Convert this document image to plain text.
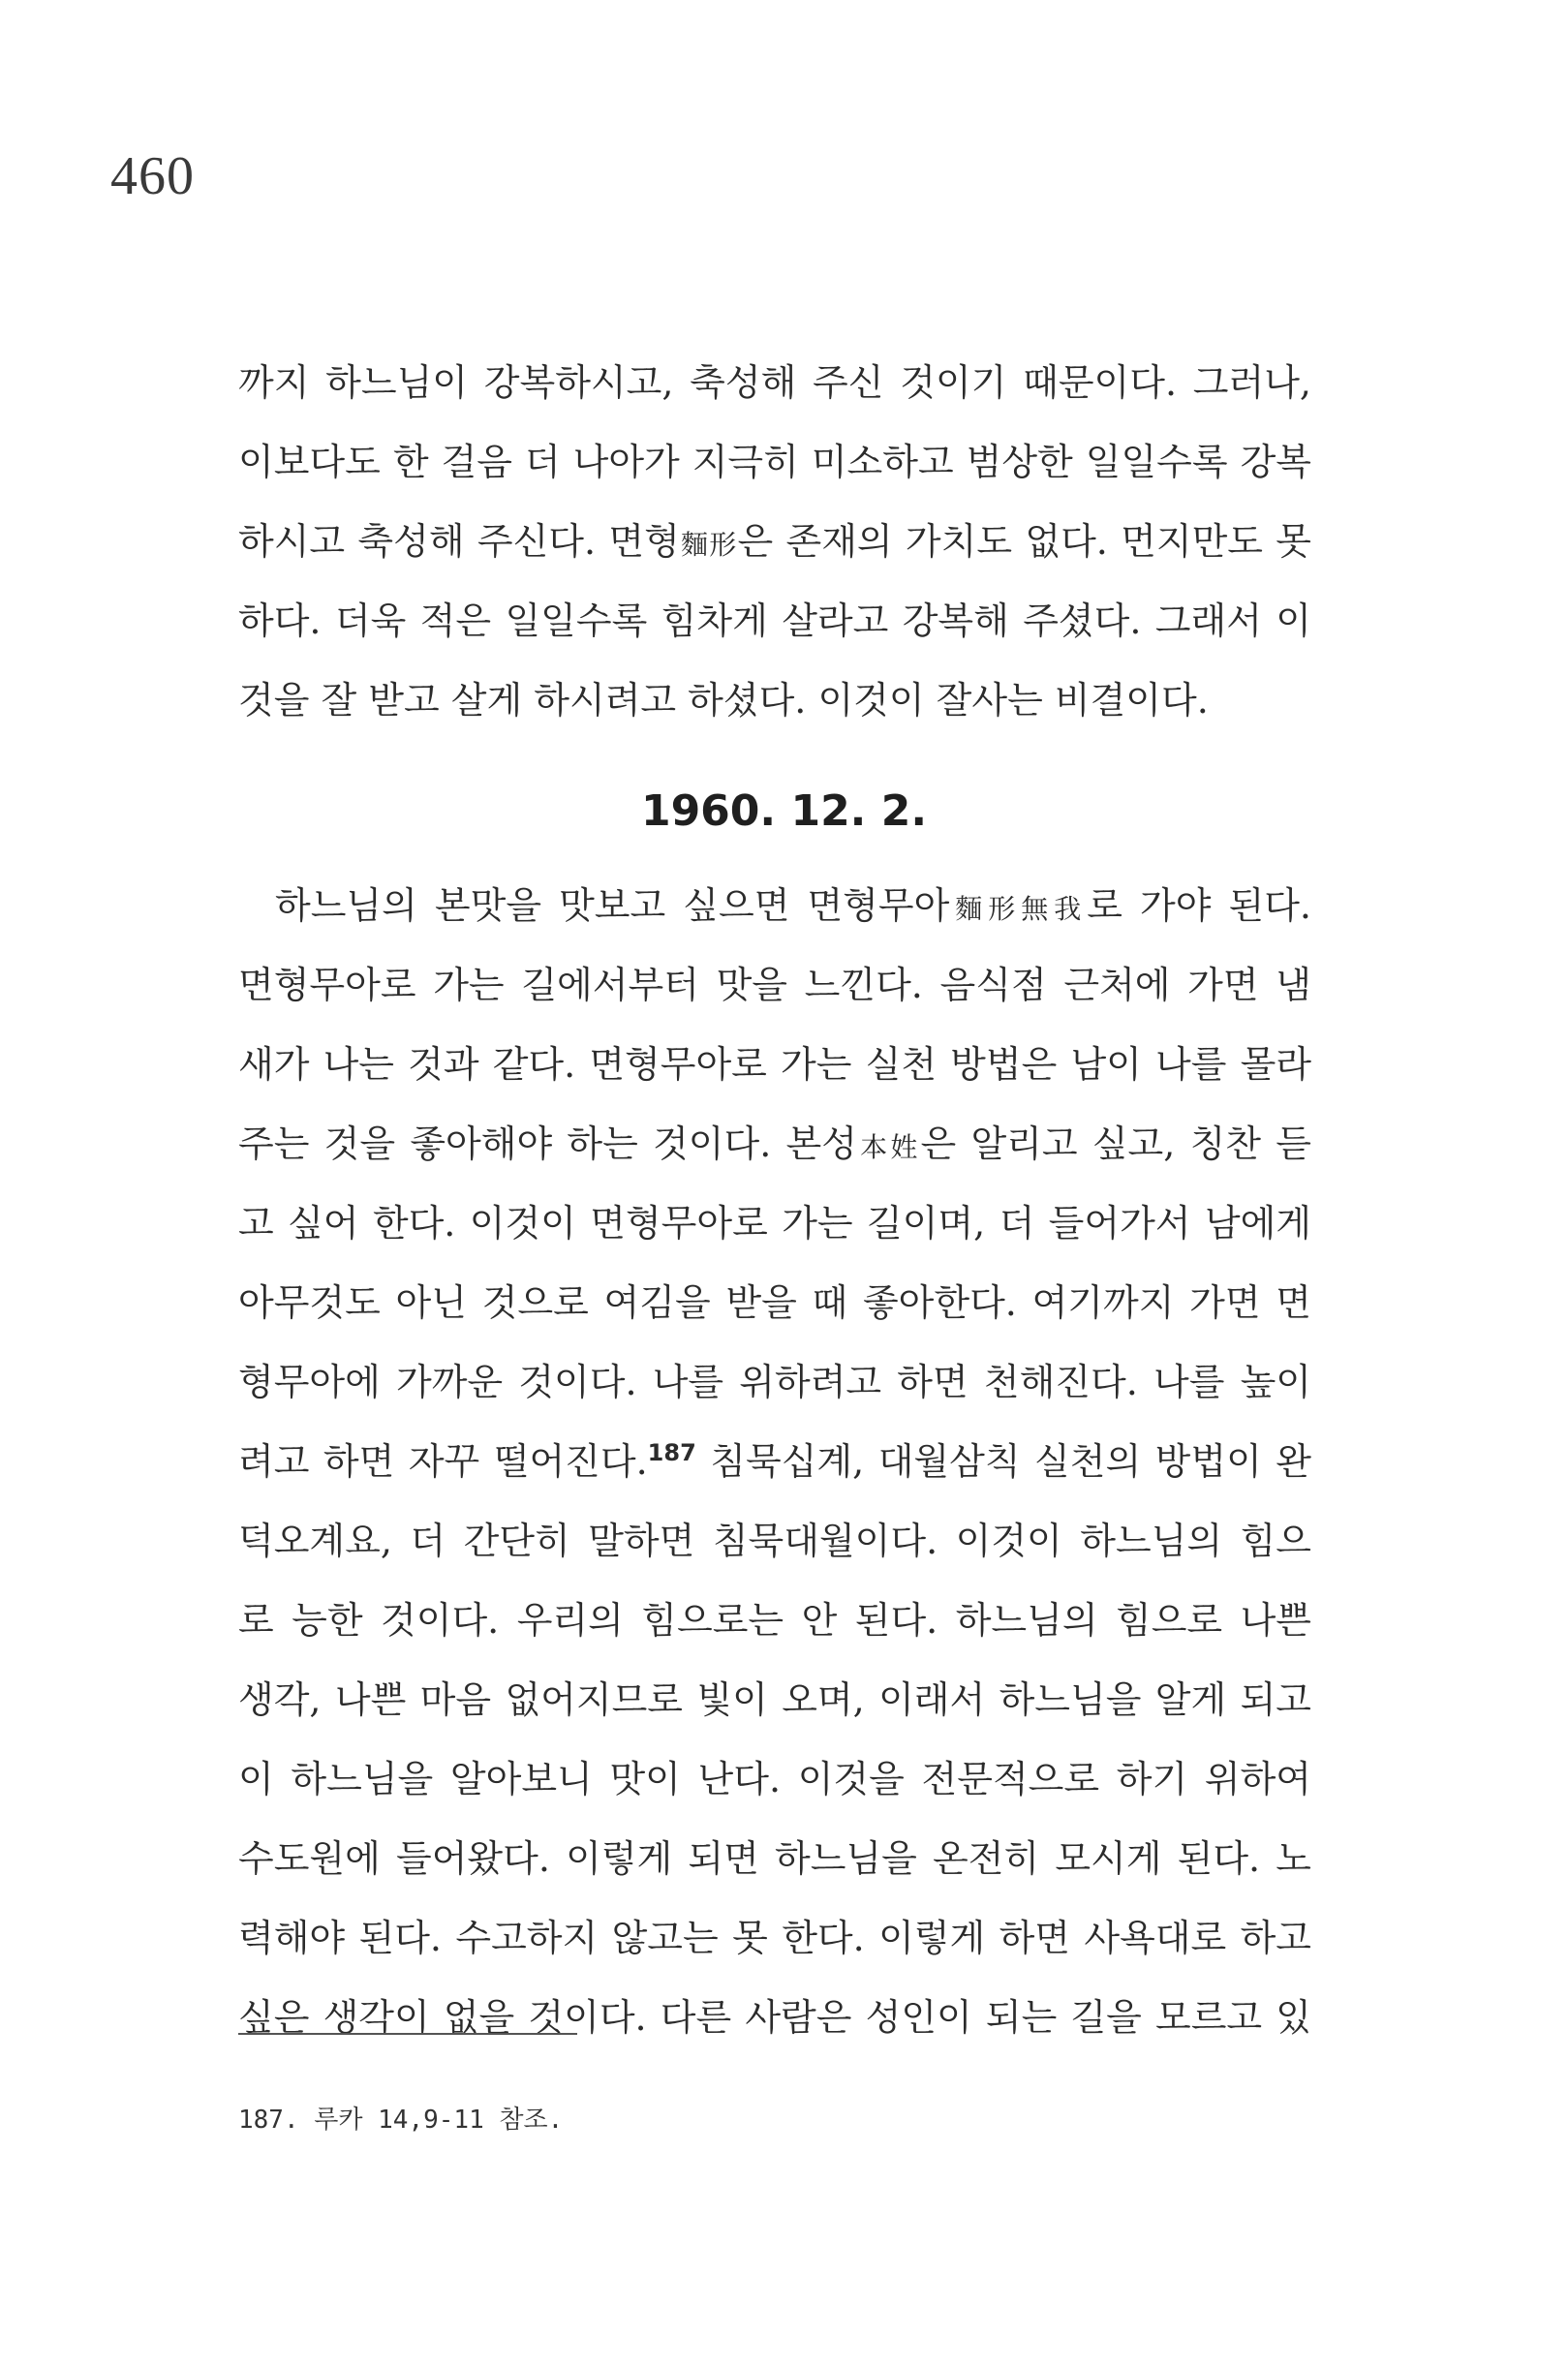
460
까지 하느님이 강복하시고, 축성해 주신 것이기 때문이다. 그러나,
이보다도 한 걸음 더 나아가 지극히 미소하고 범상한 일일수록 강복
하시고 축성해 주신다. 면형麵形은 존재의 가치도 없다. 먼지만도 못
하다. 더욱 적은 일일수록 힘차게 살라고 강복해 주셨다. 그래서 이
것을 잘 받고 살게 하시려고 하셨다. 이것이 잘사는 비결이다.
1960. 12. 2.
하느님의 본맛을 맛보고 싶으면 면형무아麵形無我로 가야 된다.
면형무아로 가는 길에서부터 맛을 느낀다. 음식점 근처에 가면 냄
새가 나는 것과 같다. 면형무아로 가는 실천 방법은 남이 나를 몰라
주는 것을 좋아해야 하는 것이다. 본성本姓은 알리고 싶고, 칭찬 듣
고 싶어 한다. 이것이 면형무아로 가는 길이며, 더 들어가서 남에게
아무것도 아닌 것으로 여김을 받을 때 좋아한다. 여기까지 가면 면
형무아에 가까운 것이다. 나를 위하려고 하면 천해진다. 나를 높이
려고 하면 자꾸 떨어진다.$^{187}$ 침묵십계, 대월삼칙 실천의 방법이 완
덕오계요, 더 간단히 말하면 침묵대월이다. 이것이 하느님의 힘으
로 능한 것이다. 우리의 힘으로는 안 된다. 하느님의 힘으로 나쁜
생각, 나쁜 마음 없어지므로 빛이 오며, 이래서 하느님을 알게 되고
이 하느님을 알아보니 맛이 난다. 이것을 전문적으로 하기 위하여
수도원에 들어왔다. 이렇게 되면 하느님을 온전히 모시게 된다. 노
력해야 된다. 수고하지 않고는 못 한다. 이렇게 하면 사욕대로 하고
싶은 생각이 없을 것이다. 다른 사람은 성인이 되는 길을 모르고 있
187. 루카 14,9-11 참조.
